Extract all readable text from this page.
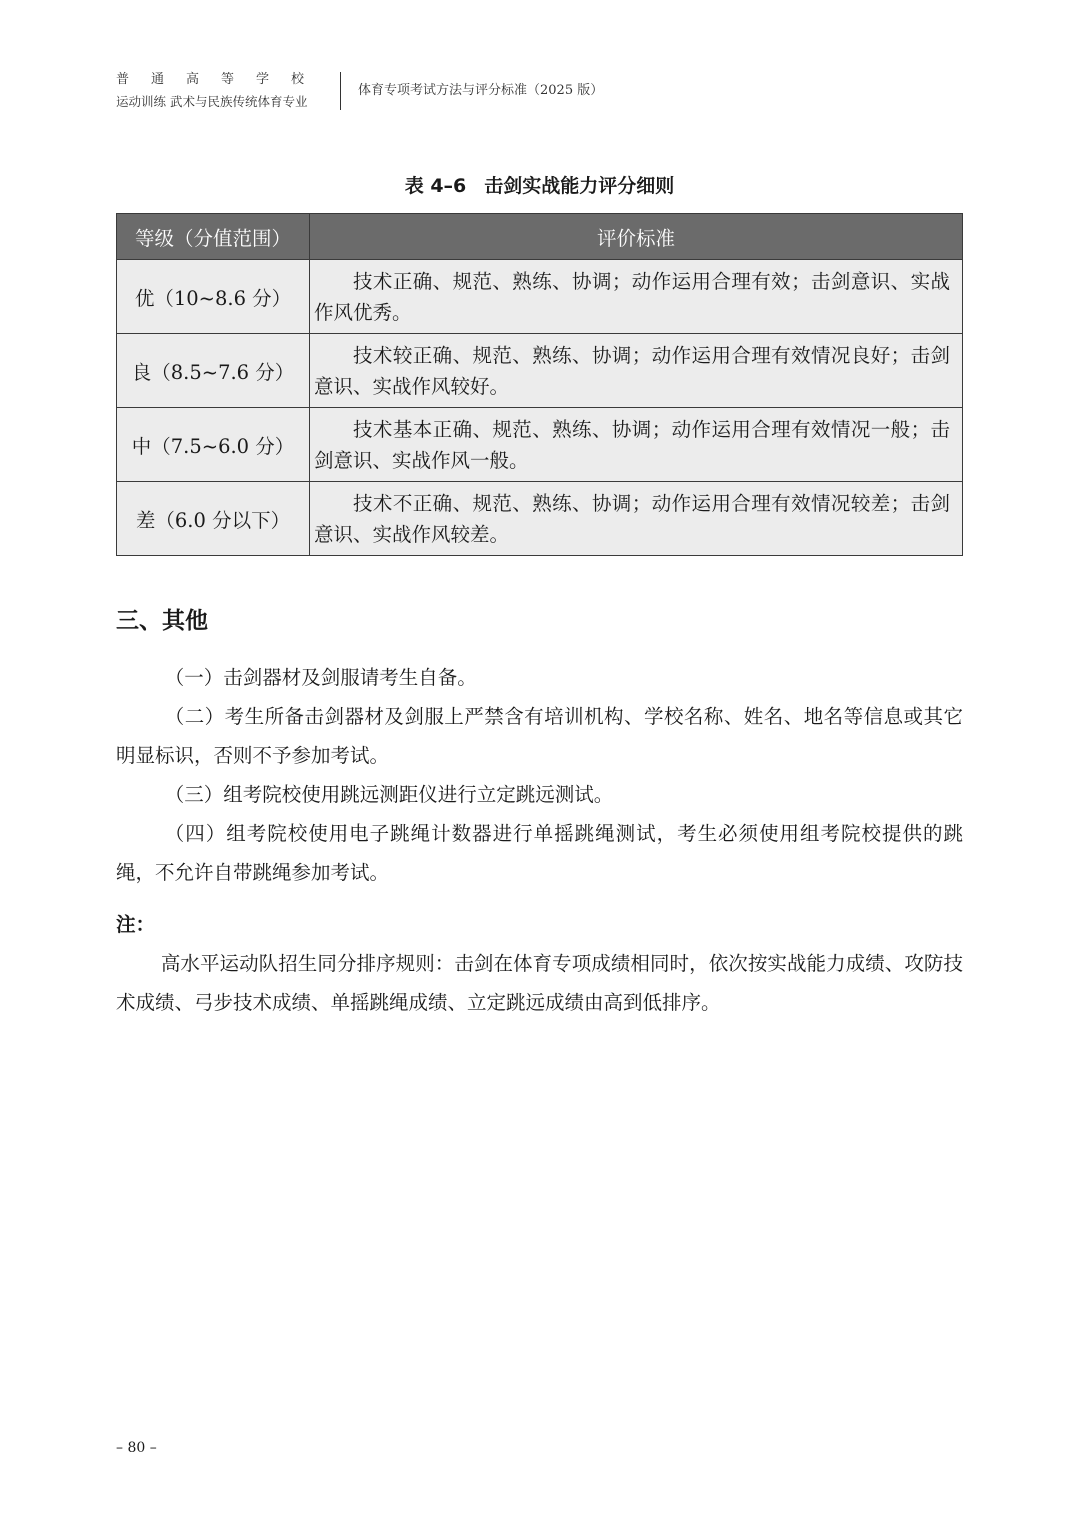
普通高等学校
运动训练 武术与民族传统体育专业
体育专项考试方法与评分标准（2025 版）
表 4–6 击剑实战能力评分细则
等级（分值范围）	评价标准
优（10~8.6 分）	技术正确、规范、熟练、协调；动作运用合理有效；击剑意识、实战作风优秀。
良（8.5~7.6 分）	技术较正确、规范、熟练、协调；动作运用合理有效情况良好；击剑意识、实战作风较好。
中（7.5~6.0 分）	技术基本正确、规范、熟练、协调；动作运用合理有效情况一般；击剑意识、实战作风一般。
差（6.0 分以下）	技术不正确、规范、熟练、协调；动作运用合理有效情况较差；击剑意识、实战作风较差。
三、其他

（一）击剑器材及剑服请考生自备。

（二）考生所备击剑器材及剑服上严禁含有培训机构、学校名称、姓名、地名等信息或其它明显标识，否则不予参加考试。

（三）组考院校使用跳远测距仪进行立定跳远测试。

（四）组考院校使用电子跳绳计数器进行单摇跳绳测试，考生必须使用组考院校提供的跳绳，不允许自带跳绳参加考试。

注：

高水平运动队招生同分排序规则：击剑在体育专项成绩相同时，依次按实战能力成绩、攻防技术成绩、弓步技术成绩、单摇跳绳成绩、立定跳远成绩由高到低排序。

– 80 –
